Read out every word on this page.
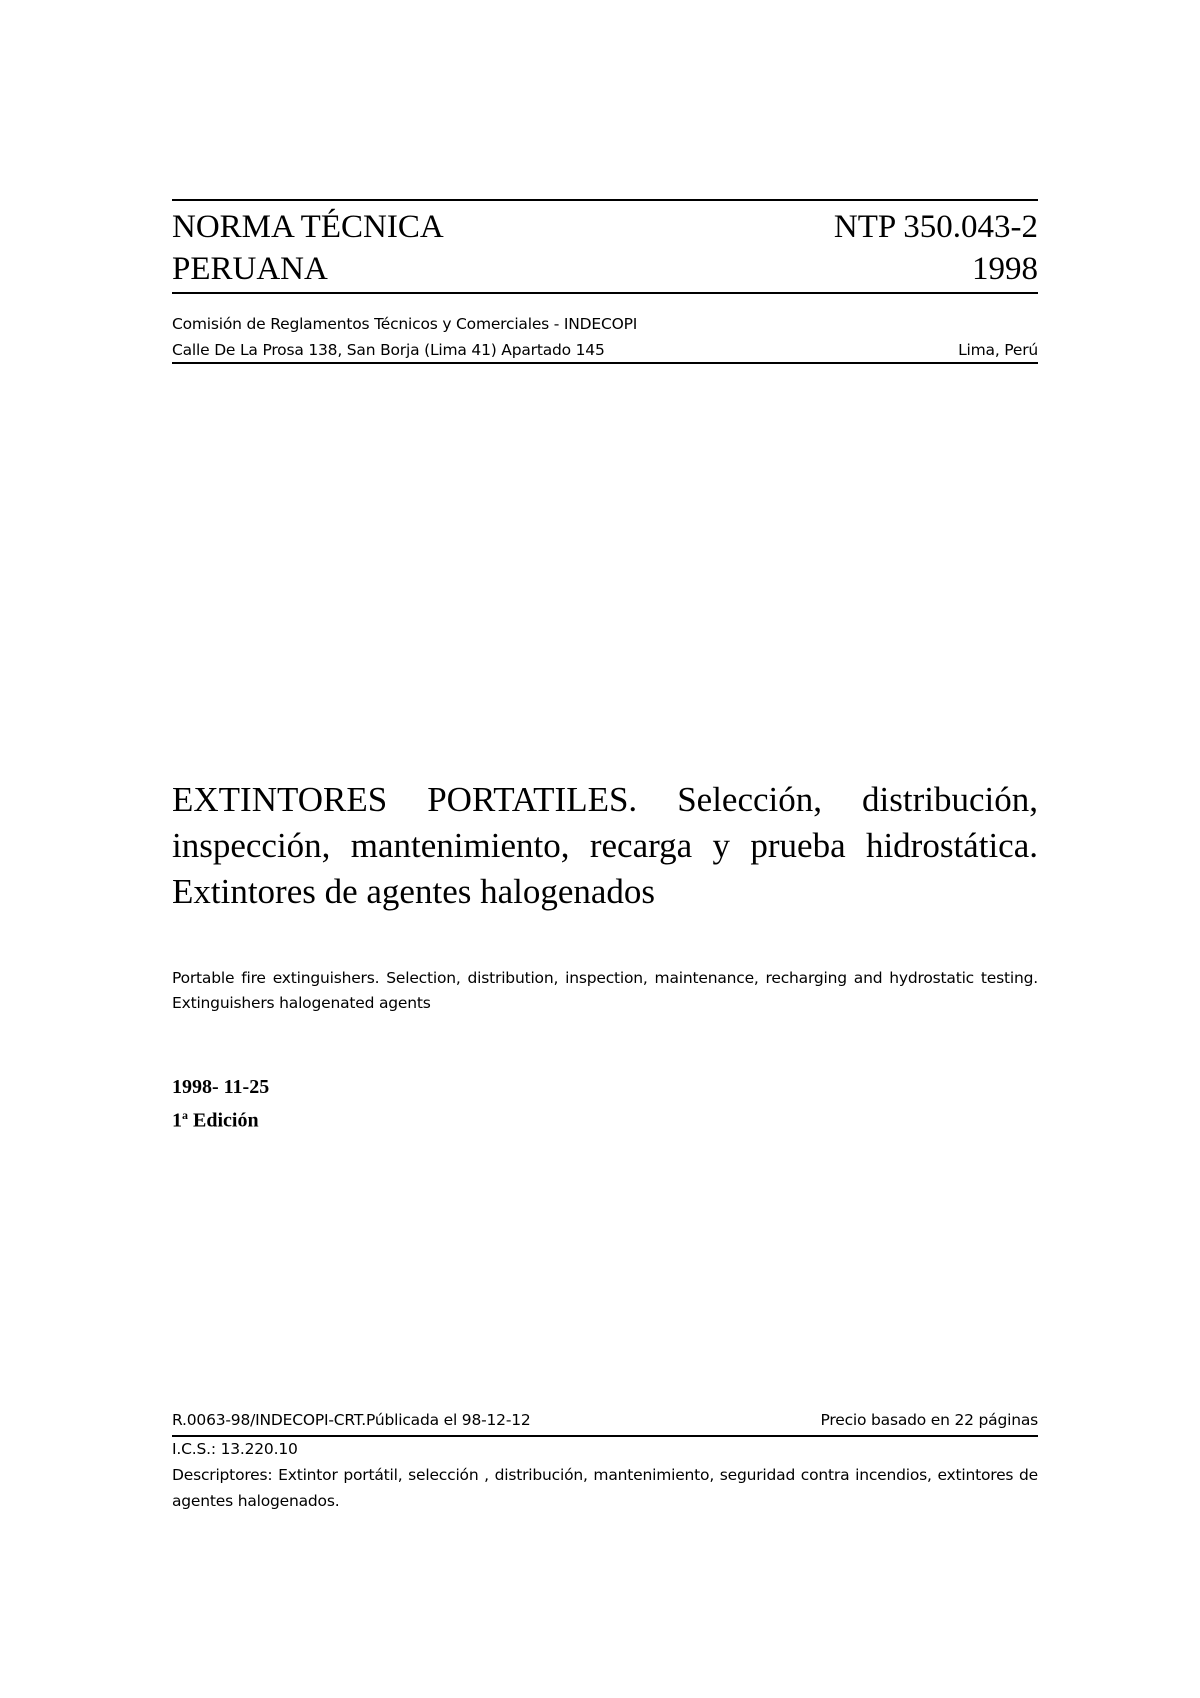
NORMA TÉCNICA	NTP 350.043-2
PERUANA	1998
Comisión de Reglamentos Técnicos y Comerciales - INDECOPI
Calle De La Prosa 138, San Borja (Lima 41) Apartado 145	Lima, Perú
EXTINTORES PORTATILES. Selección, distribución, inspección, mantenimiento, recarga y prueba hidrostática. Extintores de agentes halogenados
Portable fire extinguishers. Selection, distribution, inspection, maintenance, recharging and hydrostatic testing. Extinguishers halogenated agents
1998- 11-25
1$^a$ Edición
R.0063-98/INDECOPI-CRT.Públicada el 98-12-12	Precio basado en 22 páginas
I.C.S.: 13.220.10
Descriptores: Extintor portátil, selección , distribución, mantenimiento, seguridad contra incendios, extintores de agentes halogenados.
